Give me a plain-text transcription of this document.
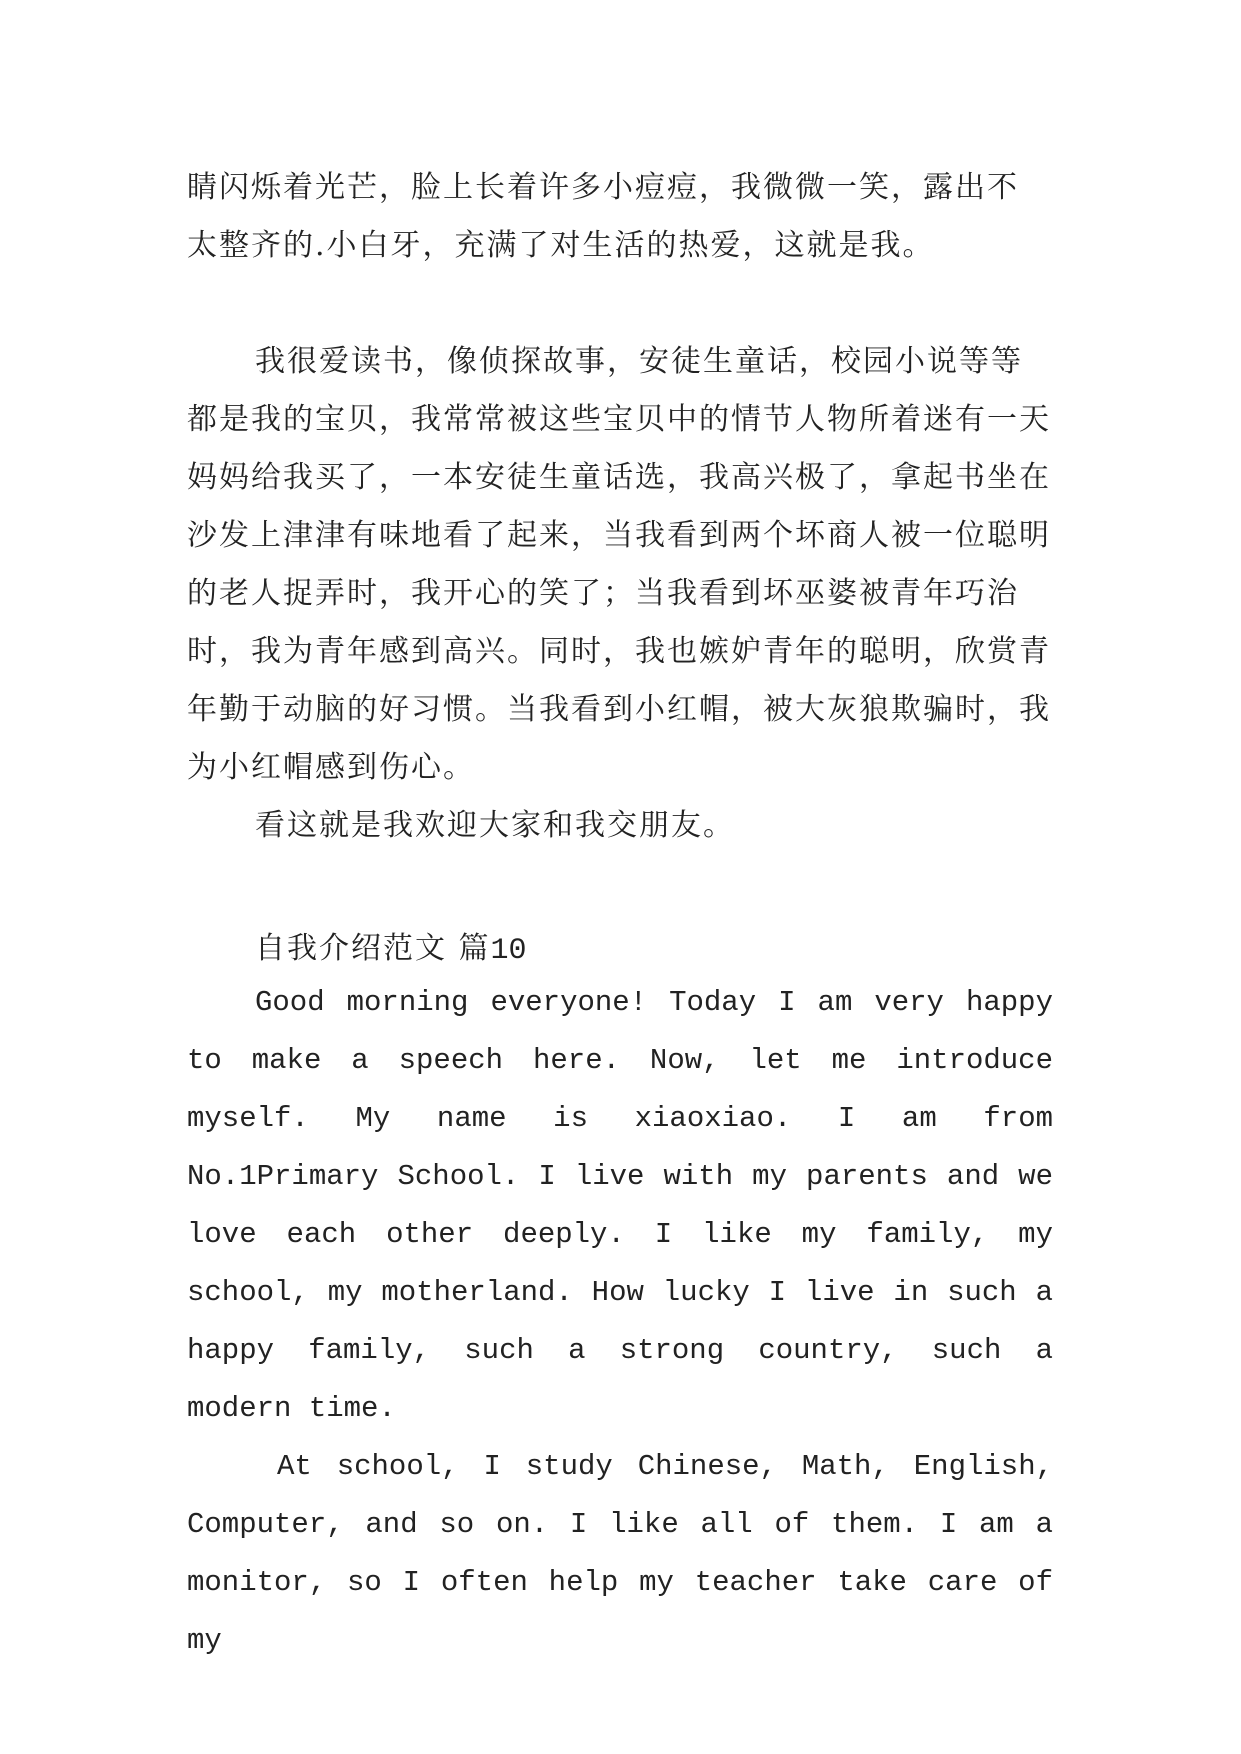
睛闪烁着光芒，脸上长着许多小痘痘，我微微一笑，露出不
太整齐的.小白牙，充满了对生活的热爱，这就是我。

我很爱读书，像侦探故事，安徒生童话，校园小说等等都是我的宝贝，我常常被这些宝贝中的情节人物所着迷有一天妈妈给我买了，一本安徒生童话选，我高兴极了，拿起书坐在沙发上津津有味地看了起来，当我看到两个坏商人被一位聪明的老人捉弄时，我开心的笑了；当我看到坏巫婆被青年巧治时，我为青年感到高兴。同时，我也嫉妒青年的聪明，欣赏青年勤于动脑的好习惯。当我看到小红帽，被大灰狼欺骗时，我为小红帽感到伤心。

看这就是我欢迎大家和我交朋友。

自我介绍范文 篇10

Good morning everyone! Today I am very happy to make a speech here. Now, let me introduce myself. My name is xiaoxiao. I am from No.1Primary School. I live with my parents and we love each other deeply. I like my family, my school, my motherland. How lucky I live in such a happy family, such a strong country, such a modern time.

At school, I study Chinese, Math, English, Computer, and so on. I like all of them. I am a monitor, so I often help my teacher take care of my
